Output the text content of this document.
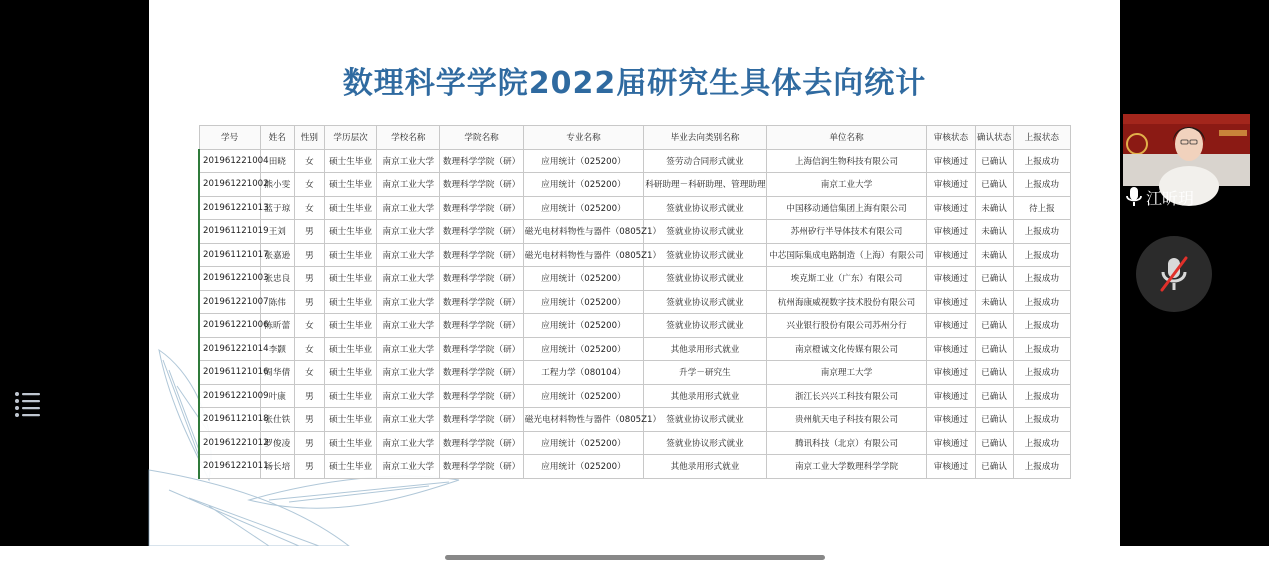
数理科学学院2022届研究生具体去向统计
学号	姓名	性别	学历层次	学校名称	学院名称	专业名称	毕业去向类别名称	单位名称	审核状态	确认状态	上报状态
201961221004	田晓	女	硕士生毕业	南京工业大学	数理科学学院（研）	应用统计（025200）	签劳动合同形式就业	上海信润生物科技有限公司	审核通过	已确认	上报成功
201961221002	熊小雯	女	硕士生毕业	南京工业大学	数理科学学院（研）	应用统计（025200）	科研助理－科研助理、管理助理	南京工业大学	审核通过	已确认	上报成功
201961221013	蓝于琼	女	硕士生毕业	南京工业大学	数理科学学院（研）	应用统计（025200）	签就业协议形式就业	中国移动通信集团上海有限公司	审核通过	未确认	待上报
201961121019	王刘	男	硕士生毕业	南京工业大学	数理科学学院（研）	磁光电材料物性与器件（0805Z1）	签就业协议形式就业	苏州矽行半导体技术有限公司	审核通过	未确认	上报成功
201961121017	张嘉逊	男	硕士生毕业	南京工业大学	数理科学学院（研）	磁光电材料物性与器件（0805Z1）	签就业协议形式就业	中芯国际集成电路制造（上海）有限公司	审核通过	未确认	上报成功
201961221003	张忠良	男	硕士生毕业	南京工业大学	数理科学学院（研）	应用统计（025200）	签就业协议形式就业	埃克斯工业（广东）有限公司	审核通过	已确认	上报成功
201961221007	陈伟	男	硕士生毕业	南京工业大学	数理科学学院（研）	应用统计（025200）	签就业协议形式就业	杭州海康威视数字技术股份有限公司	审核通过	未确认	上报成功
201961221006	陈昕蕾	女	硕士生毕业	南京工业大学	数理科学学院（研）	应用统计（025200）	签就业协议形式就业	兴业银行股份有限公司苏州分行	审核通过	已确认	上报成功
201961221014	李颢	女	硕士生毕业	南京工业大学	数理科学学院（研）	应用统计（025200）	其他录用形式就业	南京橙诚文化传媒有限公司	审核通过	已确认	上报成功
201961121016	周华倩	女	硕士生毕业	南京工业大学	数理科学学院（研）	工程力学（080104）	升学－研究生	南京理工大学	审核通过	已确认	上报成功
201961221009	叶康	男	硕士生毕业	南京工业大学	数理科学学院（研）	应用统计（025200）	其他录用形式就业	浙江长兴兴工科技有限公司	审核通过	已确认	上报成功
201961121018	张仕铁	男	硕士生毕业	南京工业大学	数理科学学院（研）	磁光电材料物性与器件（0805Z1）	签就业协议形式就业	贵州航天电子科技有限公司	审核通过	已确认	上报成功
201961221012	罗俊凌	男	硕士生毕业	南京工业大学	数理科学学院（研）	应用统计（025200）	签就业协议形式就业	腾讯科技（北京）有限公司	审核通过	已确认	上报成功
201961221011	杨长培	男	硕士生毕业	南京工业大学	数理科学学院（研）	应用统计（025200）	其他录用形式就业	南京工业大学数理科学学院	审核通过	已确认	上报成功
江昕玥
